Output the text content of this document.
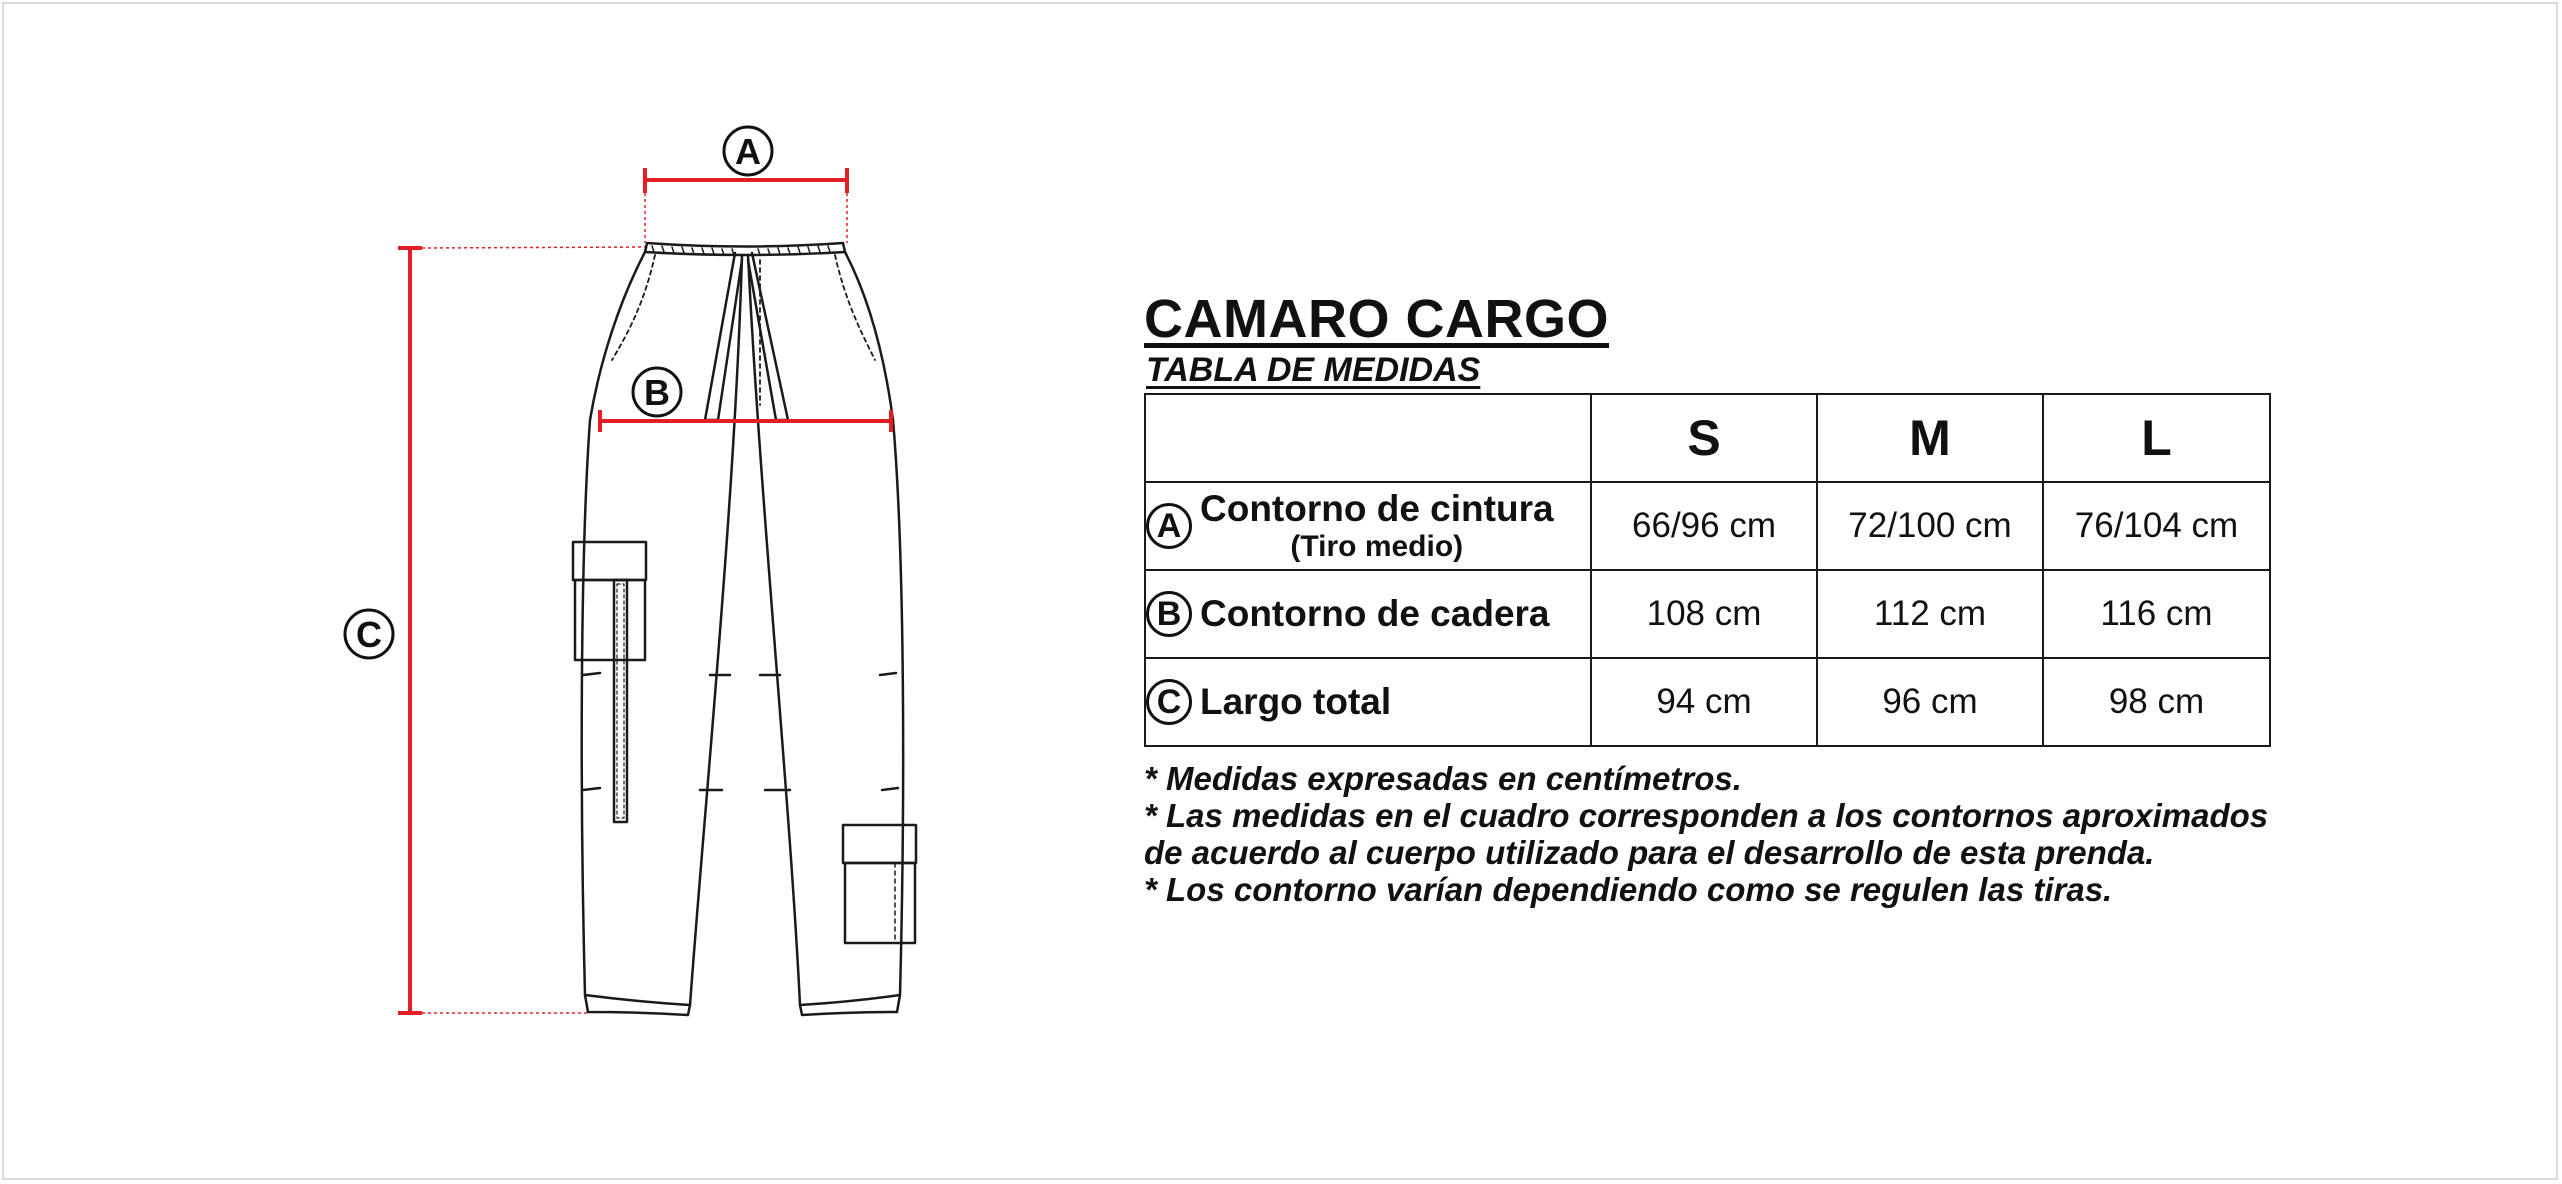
A
B
C
CAMARO CARGO
TABLA DE MEDIDAS
	S	M	L

A Contorno de cintura
(Tiro medio)	66/96 cm	72/100 cm	76/104 cm

B Contorno de cadera	108 cm	112 cm	116 cm

C Largo total	94 cm	96 cm	98 cm

* Medidas expresadas en centímetros.

* Las medidas en el cuadro corresponden a los contornos aproximados

de acuerdo al cuerpo utilizado para el desarrollo de esta prenda.

* Los contorno varían dependiendo como se regulen las tiras.
